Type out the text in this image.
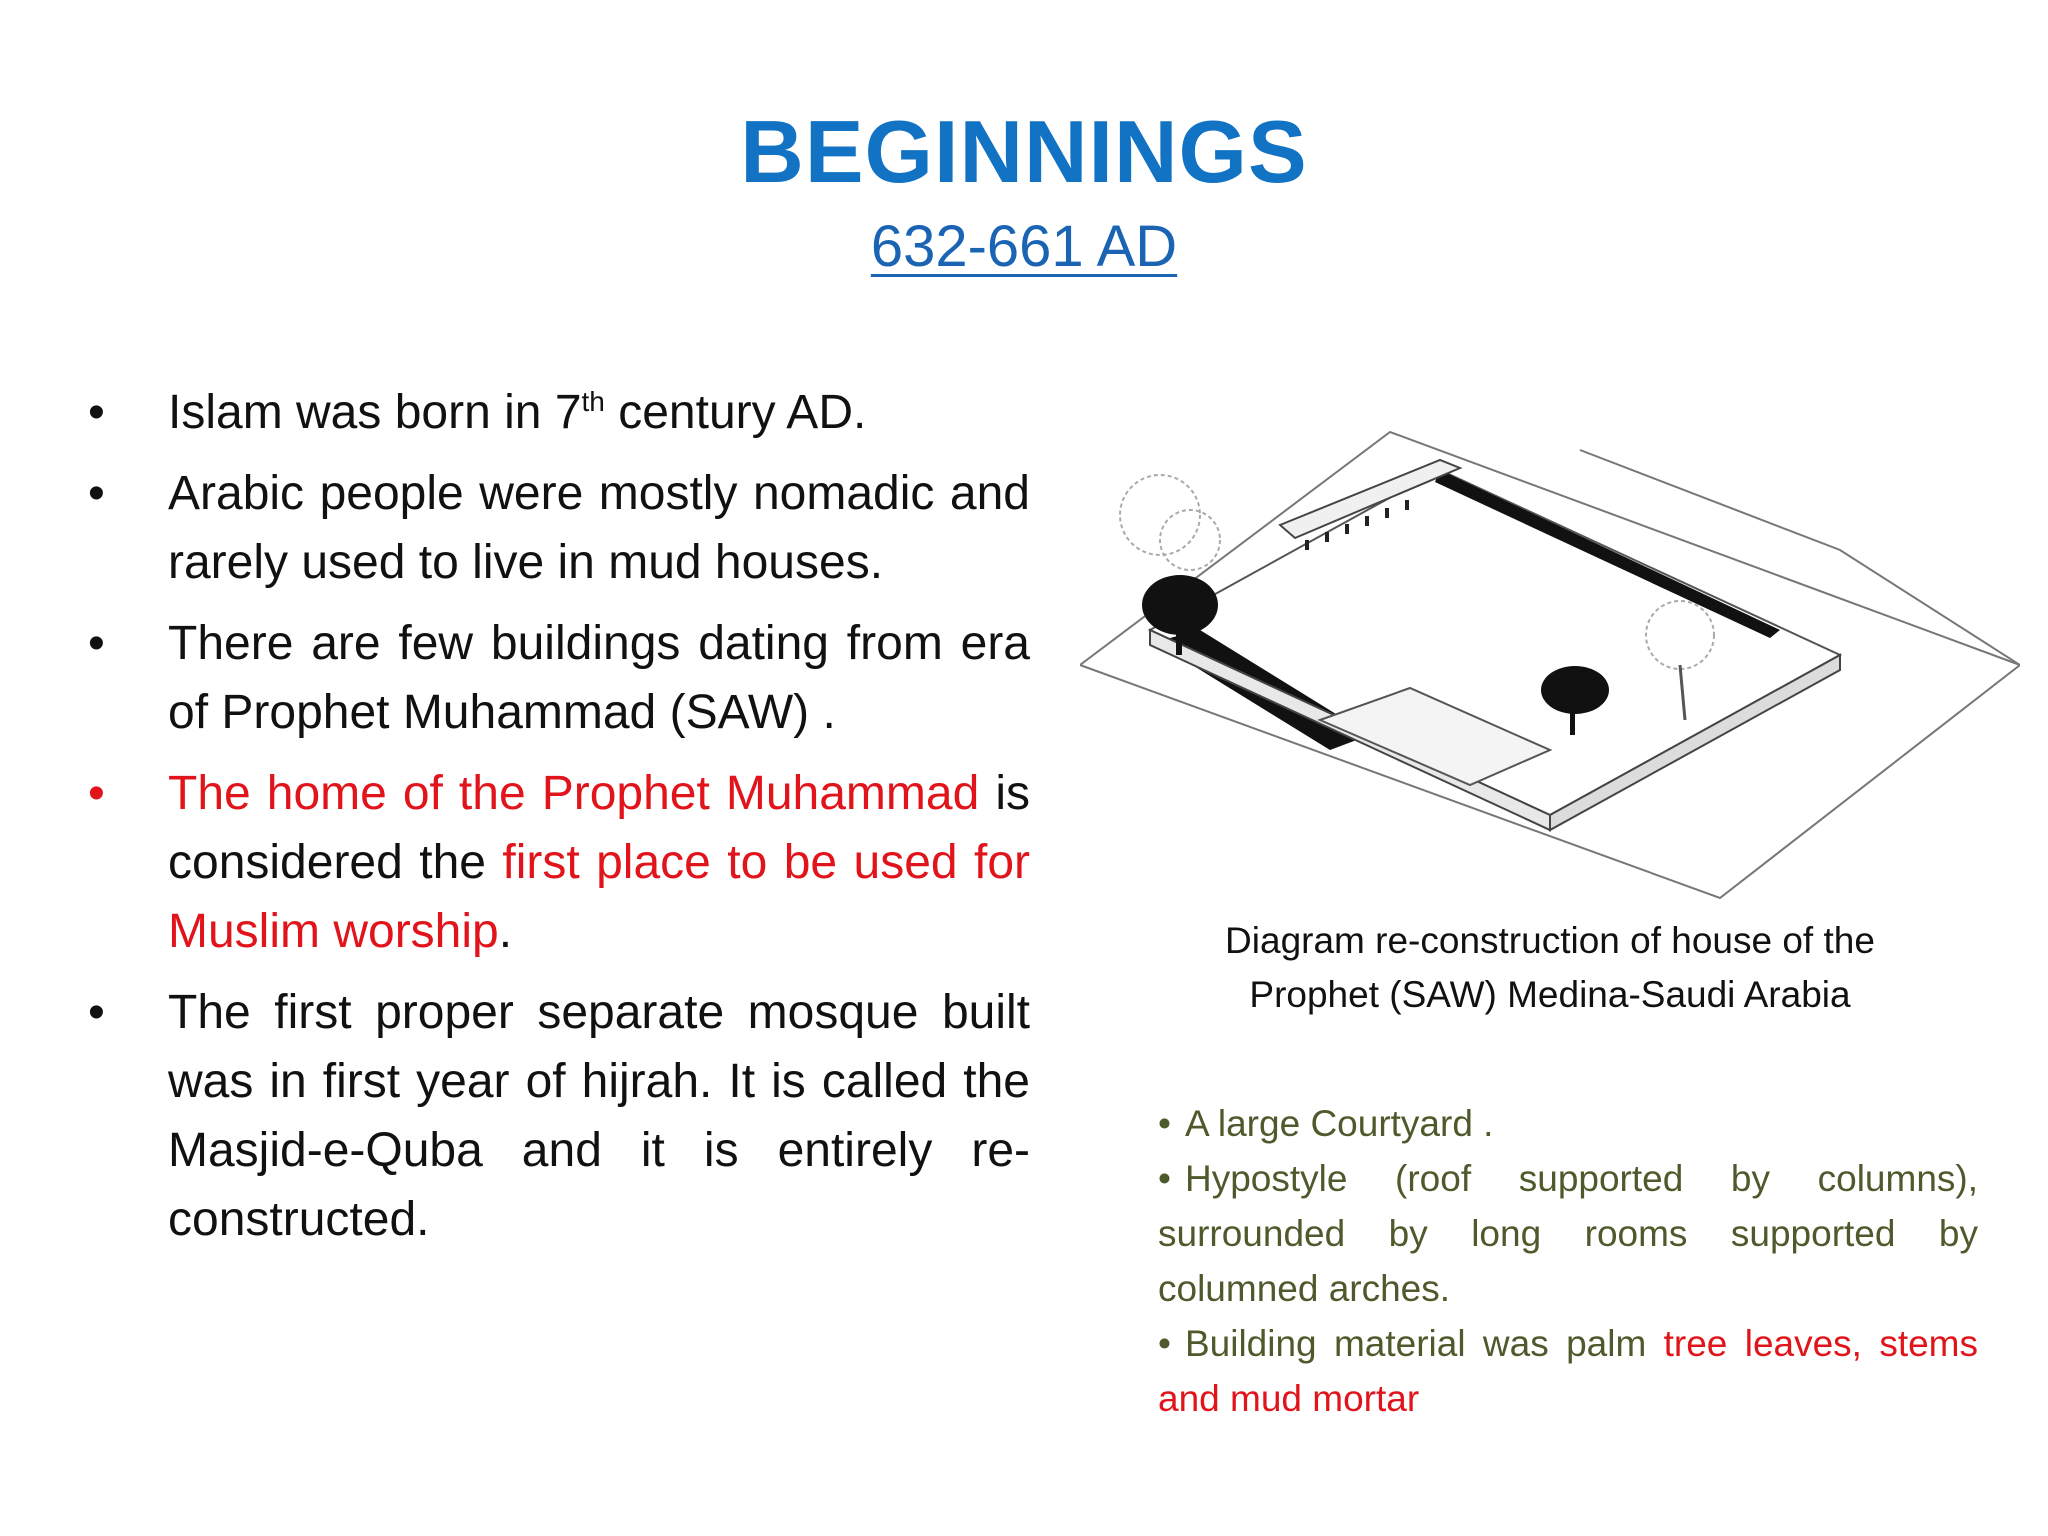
BEGINNINGS
632-661 AD
• Islam was born in 7th century AD.
• Arabic people were mostly nomadic and rarely used to live in mud houses.
• There are few buildings dating from era of Prophet Muhammad (SAW) .
• The home of the Prophet Muhammad is considered the first place to be used for Muslim worship.
• The first proper separate mosque built was in first year of hijrah. It is called the Masjid-e-Quba and it is entirely re- constructed.
Diagram re-construction of house of the
Prophet (SAW) Medina-Saudi Arabia
• A large Courtyard .
• Hypostyle (roof supported by columns), surrounded by long rooms supported by columned arches.
• Building material was palm tree leaves, stems and mud mortar
